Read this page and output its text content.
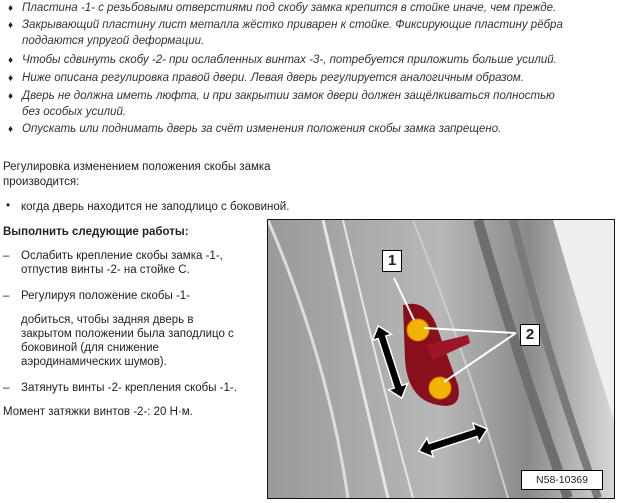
♦ Пластина -1- с резьбовыми отверстиями под скобу замка крепится в стойке иначе, чем прежде.
♦ Закрывающий пластину лист металла жёстко приварен к стойке. Фиксирующие пластину рёбра
поддаются упругой деформации.
♦ Чтобы сдвинуть скобу -2- при ослабленных винтах -3-, потребуется приложить больше усилий.
♦ Ниже описана регулировка правой двери. Левая дверь регулируется аналогичным образом.
♦ Дверь не должна иметь люфта, и при закрытии замок двери должен защёлкиваться полностью
без особых усилий.
♦ Опускать или поднимать дверь за счёт изменения положения скобы замка запрещено.
Регулировка изменением положения скобы замка
производится:
• когда дверь находится не заподлицо с боковиной.
Выполнить следующие работы:
– Ослабить крепление скобы замка -1-,
отпустив винты -2- на стойке С.
– Регулируя положение скобы -1-
добиться, чтобы задняя дверь в
закрытом положении была заподлицо с
боковиной (для снижение
аэродинамических шумов).
– Затянуть винты -2- крепления скобы -1-.
Момент затяжки винтов -2-: 20 Н·м.
1
2
N58-10369
